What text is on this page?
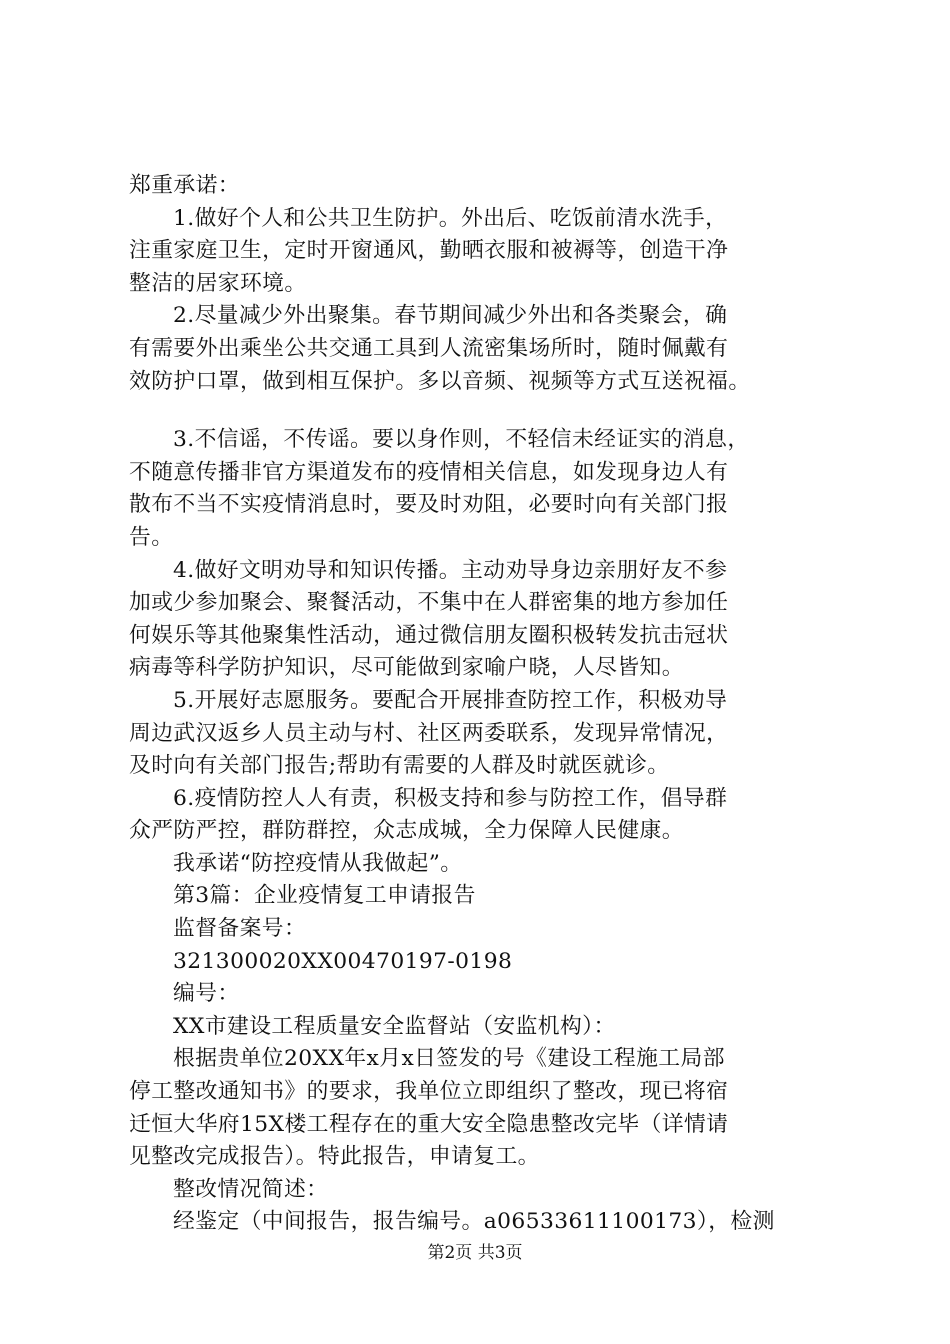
郑重承诺：
1.做好个人和公共卫生防护。外出后、吃饭前清水洗手，
注重家庭卫生，定时开窗通风，勤晒衣服和被褥等，创造干净
整洁的居家环境。
2.尽量减少外出聚集。春节期间减少外出和各类聚会，确
有需要外出乘坐公共交通工具到人流密集场所时，随时佩戴有
效防护口罩，做到相互保护。多以音频、视频等方式互送祝福。
3.不信谣，不传谣。要以身作则，不轻信未经证实的消息，
不随意传播非官方渠道发布的疫情相关信息，如发现身边人有
散布不当不实疫情消息时，要及时劝阻，必要时向有关部门报
告。
4.做好文明劝导和知识传播。主动劝导身边亲朋好友不参
加或少参加聚会、聚餐活动，不集中在人群密集的地方参加任
何娱乐等其他聚集性活动，通过微信朋友圈积极转发抗击冠状
病毒等科学防护知识，尽可能做到家喻户晓，人尽皆知。
5.开展好志愿服务。要配合开展排查防控工作，积极劝导
周边武汉返乡人员主动与村、社区两委联系，发现异常情况，
及时向有关部门报告;帮助有需要的人群及时就医就诊。
6.疫情防控人人有责，积极支持和参与防控工作，倡导群
众严防严控，群防群控，众志成城，全力保障人民健康。
我承诺“防控疫情从我做起”。
第3篇：企业疫情复工申请报告
监督备案号：
321300020XX00470197-0198
编号：
XX市建设工程质量安全监督站（安监机构）：
根据贵单位20XX年x月x日签发的号《建设工程施工局部
停工整改通知书》的要求，我单位立即组织了整改，现已将宿
迁恒大华府15X楼工程存在的重大安全隐患整改完毕（详情请
见整改完成报告）。特此报告，申请复工。
整改情况简述：
经鉴定（中间报告，报告编号。a06533611100173），检测
第2页 共3页
